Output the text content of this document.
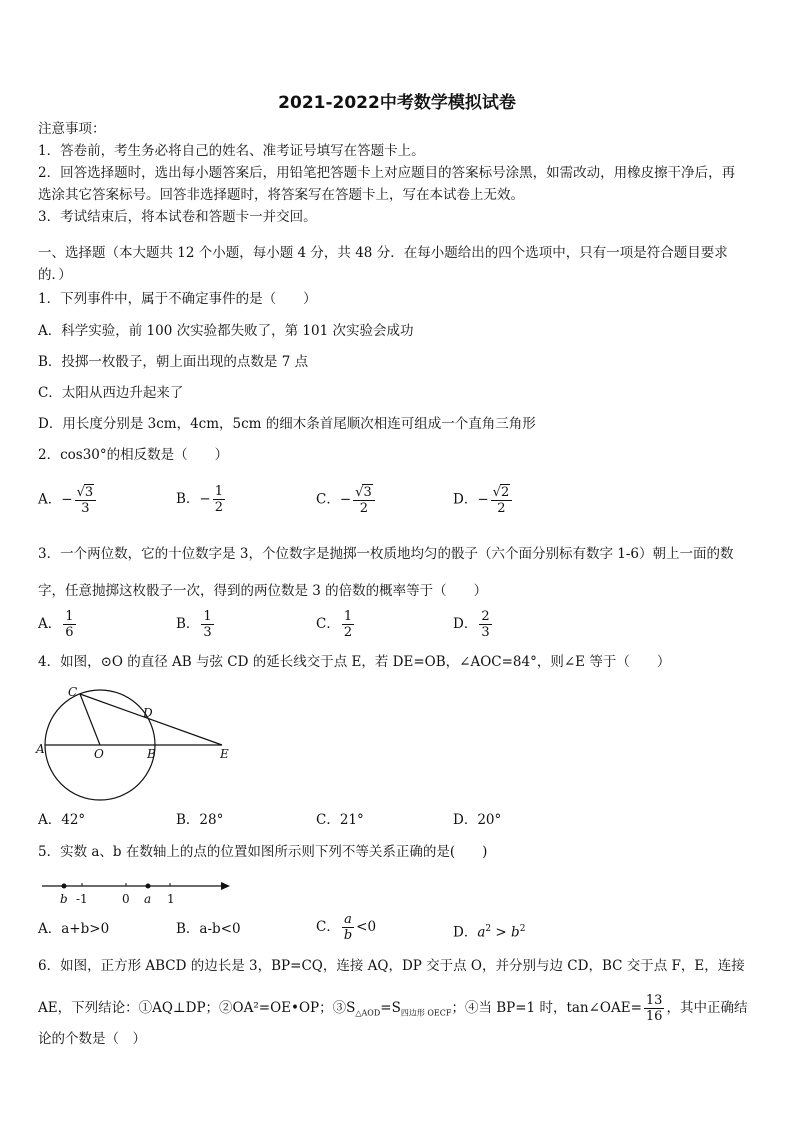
2021-2022中考数学模拟试卷
注意事项：
1．答卷前，考生务必将自己的姓名、准考证号填写在答题卡上。
2．回答选择题时，选出每小题答案后，用铅笔把答题卡上对应题目的答案标号涂黑，如需改动，用橡皮擦干净后，再
选涂其它答案标号。回答非选择题时，将答案写在答题卡上，写在本试卷上无效。
3．考试结束后，将本试卷和答题卡一并交回。
一、选择题（本大题共 12 个小题，每小题 4 分，共 48 分．在每小题给出的四个选项中，只有一项是符合题目要求
的．）
1．下列事件中，属于不确定事件的是（　　）
A．科学实验，前 100 次实验都失败了，第 101 次实验会成功
B．投掷一枚骰子，朝上面出现的点数是 7 点
C．太阳从西边升起来了
D．用长度分别是 3cm，4cm，5cm 的细木条首尾顺次相连可组成一个直角三角形
2．cos30°的相反数是（　　）
A．− $\frac{√3}{3}$	B．− $\frac{1}{2}$	C．− $\frac{√3}{2}$	D．− $\frac{√2}{2}$
3．一个两位数，它的十位数字是 3，个位数字是抛掷一枚质地均匀的骰子（六个面分别标有数字 1-6）朝上一面的数
字，任意抛掷这枚骰子一次，得到的两位数是 3 的倍数的概率等于（　　）
A． $\frac{1}{6}$	B． $\frac{1}{3}$	C． $\frac{1}{2}$	D． $\frac{2}{3}$
4．如图，⊙O 的直径 AB 与弦 CD 的延长线交于点 E，若 DE=OB，∠AOC=84°，则∠E 等于（　　）
C
D
A	O	B	E
A．42°	B．28°	C．21°	D．20°
5．实数 a、b 在数轴上的点的位置如图所示则下列不等关系正确的是(　　)
b -1	0 a 1
A．a+b>0	B．a-b<0	C． $\frac{a}{b} <0$	D．$a^2 > b^2$
6．如图，正方形 ABCD 的边长是 3，BP=CQ，连接 AQ，DP 交于点 O，并分别与边 CD，BC 交于点 F，E，连接
AE，下列结论：①AQ⊥DP；②OA²=OE•OP；$③S_{\triangle AOD}=S_{四边形 OECF}$；④当 BP=1 时，tan∠OAE= $\frac{13}{16}$ ，其中正确结
论的个数是（　）
